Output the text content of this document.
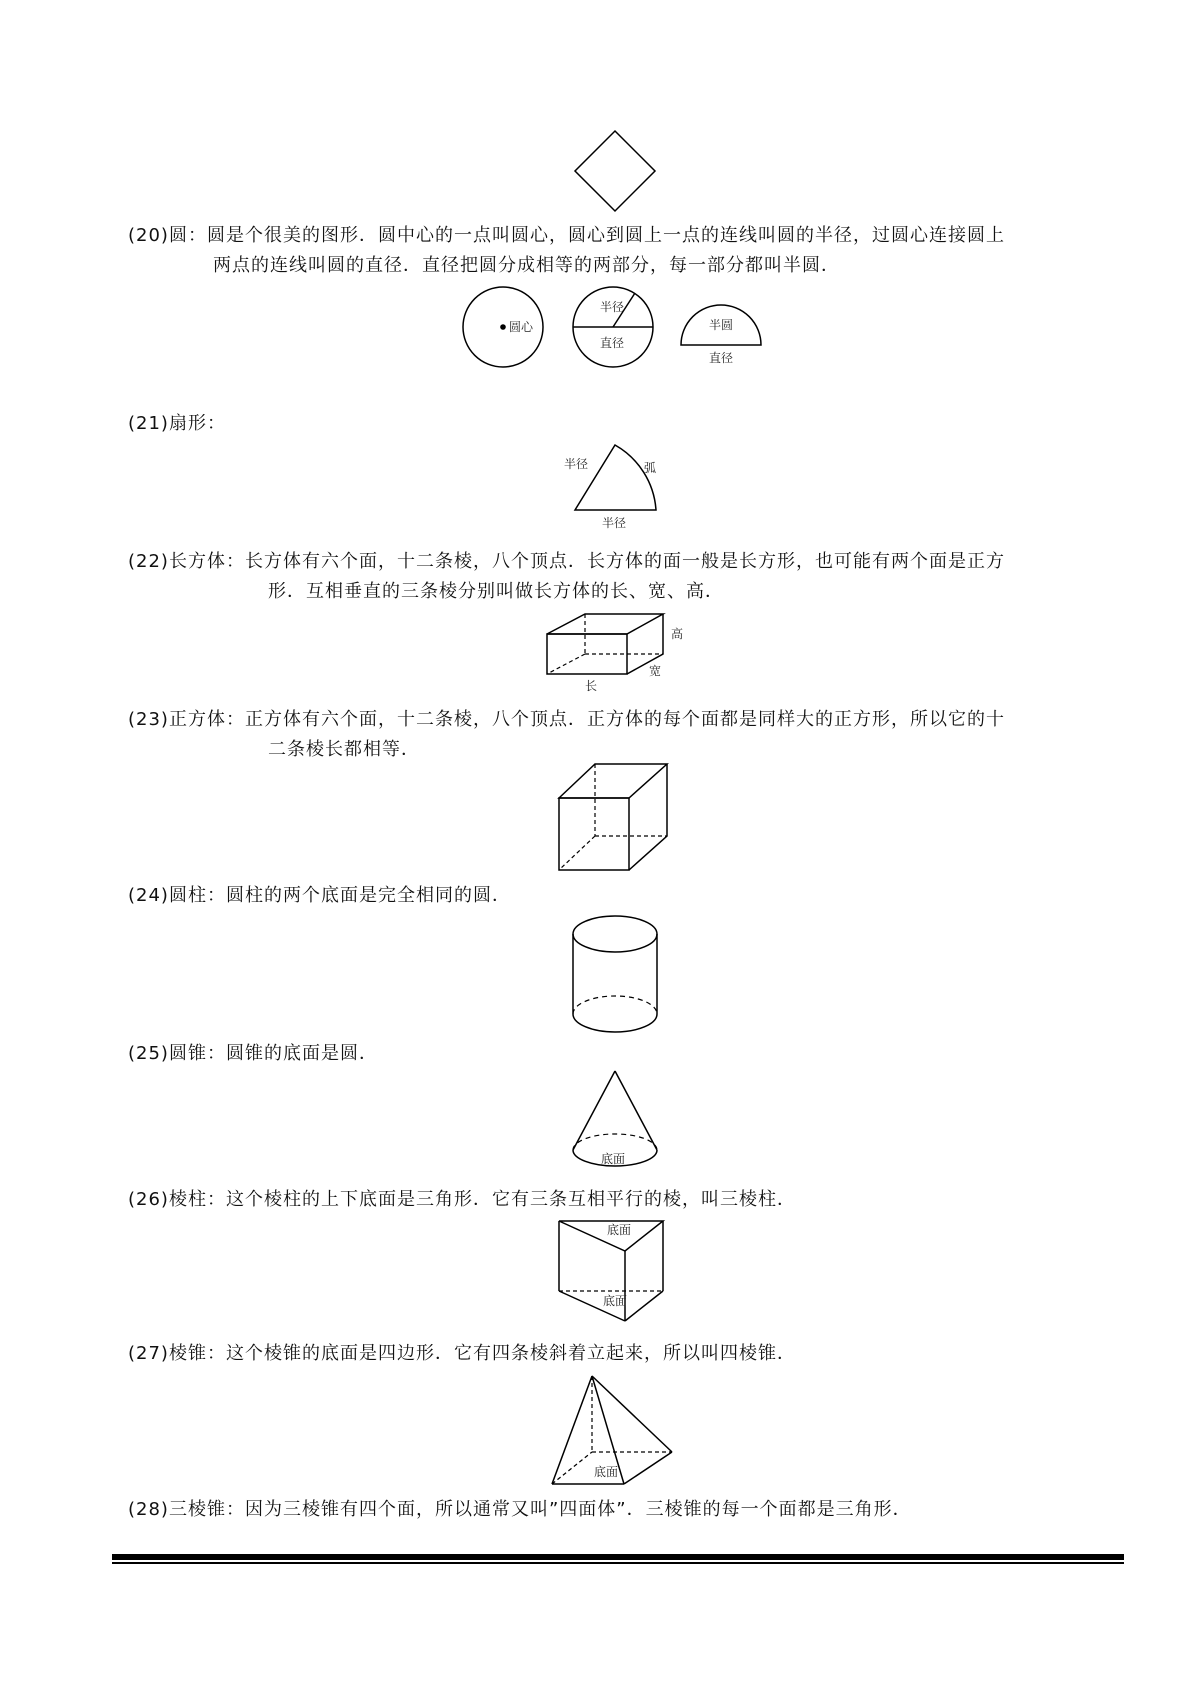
(20)圆：圆是个很美的图形．圆中心的一点叫圆心，圆心到圆上一点的连线叫圆的半径，过圆心连接圆上
两点的连线叫圆的直径．直径把圆分成相等的两部分，每一部分都叫半圆．
圆心
半径
直径
半圆
直径
(21)扇形：
半径	弧
半径
(22)长方体：长方体有六个面，十二条棱，八个顶点．长方体的面一般是长方形，也可能有两个面是正方
形．互相垂直的三条棱分别叫做长方体的长、宽、高．
高
宽
长
(23)正方体：正方体有六个面，十二条棱，八个顶点．正方体的每个面都是同样大的正方形，所以它的十
二条棱长都相等．
(24)圆柱：圆柱的两个底面是完全相同的圆．
(25)圆锥：圆锥的底面是圆．
底面
(26)棱柱：这个棱柱的上下底面是三角形．它有三条互相平行的棱，叫三棱柱．
底面
底面
(27)棱锥：这个棱锥的底面是四边形．它有四条棱斜着立起来，所以叫四棱锥．
底面
(28)三棱锥：因为三棱锥有四个面，所以通常又叫”四面体”．三棱锥的每一个面都是三角形．
